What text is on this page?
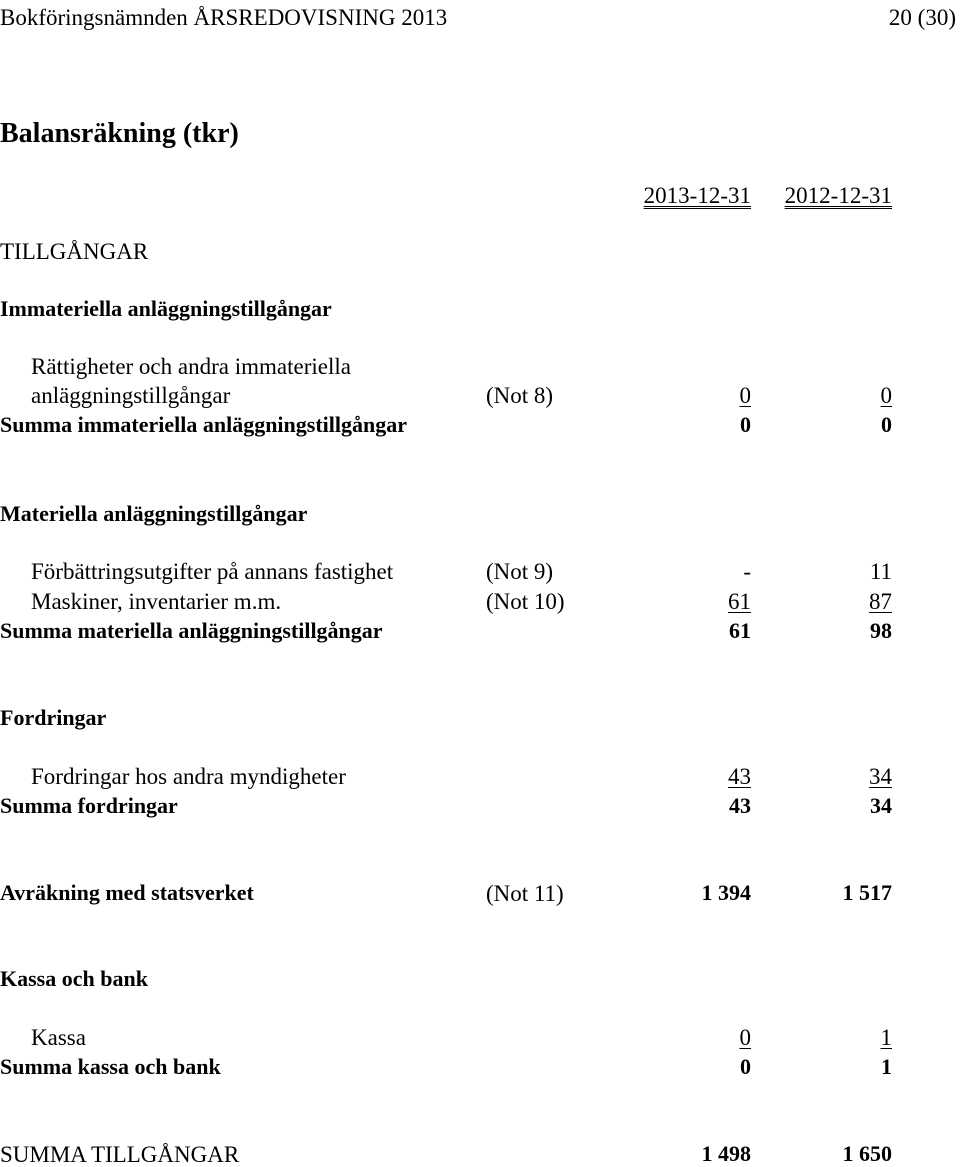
Bokföringsnämnden ÅRSREDOVISNING 2013	20 (30)
Balansräkning (tkr)
2013-12-31 2012-12-31
TILLGÅNGAR
Immateriella anläggningstillgångar
Rättigheter och andra immateriella
anläggningstillgångar	(Not 8)	0	0
Summa immateriella anläggningstillgångar	0	0
Materiella anläggningstillgångar
Förbättringsutgifter på annans fastighet	(Not 9)	-	11
Maskiner, inventarier m.m.	(Not 10)	61	87
Summa materiella anläggningstillgångar	61	98
Fordringar
Fordringar hos andra myndigheter	43	34
Summa fordringar	43	34
Avräkning med statsverket	(Not 11)	1 394	1 517
Kassa och bank
Kassa	0	1
Summa kassa och bank	0	1
SUMMA TILLGÅNGAR	1 498	1 650
